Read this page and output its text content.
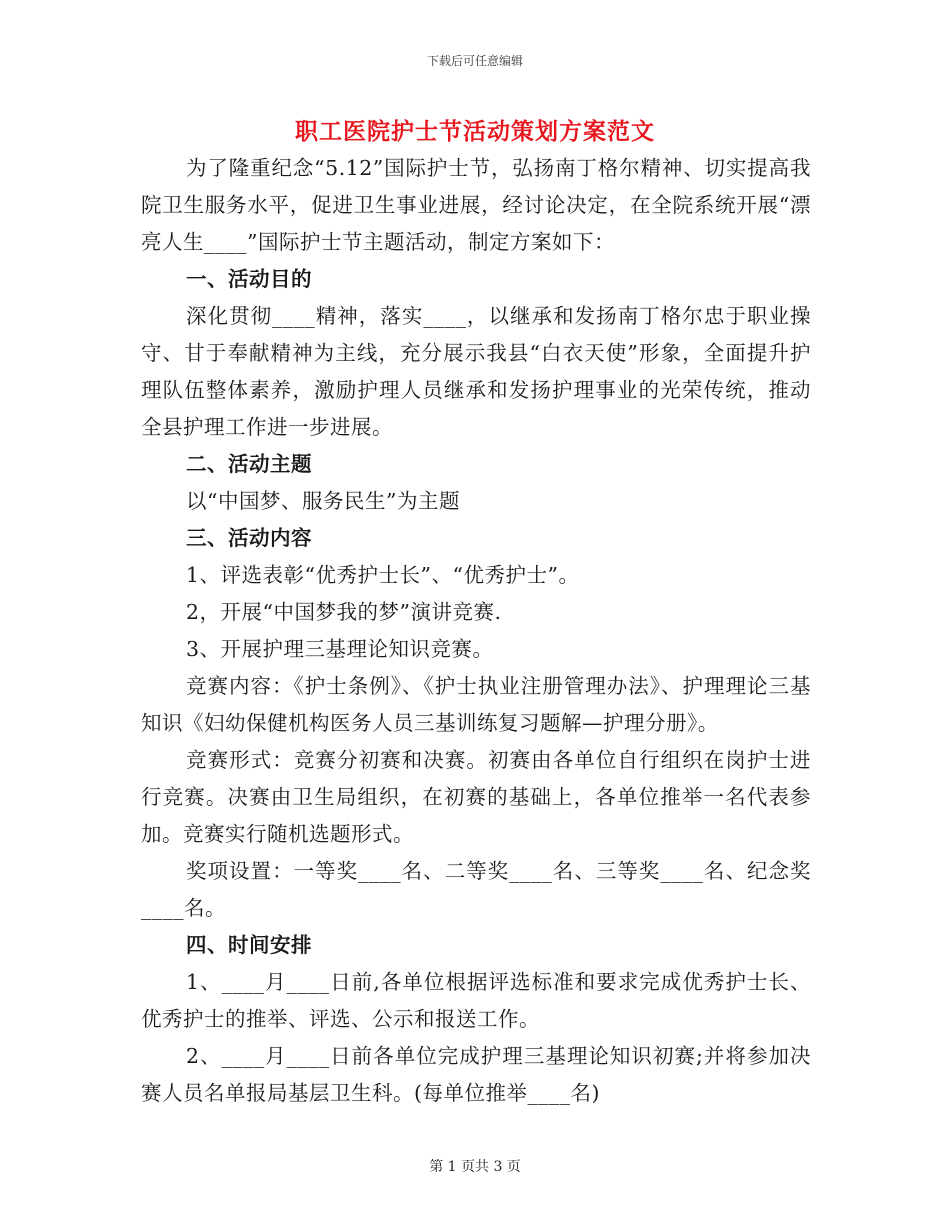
下载后可任意编辑
职工医院护士节活动策划方案范文

为了隆重纪念“5.12”国际护士节，弘扬南丁格尔精神、切实提高我院卫生服务水平，促进卫生事业进展，经讨论决定，在全院系统开展“漂亮人生____”国际护士节主题活动，制定方案如下：

一、活动目的

深化贯彻____精神，落实____，以继承和发扬南丁格尔忠于职业操守、甘于奉献精神为主线，充分展示我县“白衣天使”形象，全面提升护理队伍整体素养，激励护理人员继承和发扬护理事业的光荣传统，推动全县护理工作进一步进展。

二、活动主题

以“中国梦、服务民生”为主题

三、活动内容

1、评选表彰“优秀护士长”、“优秀护士”。

2，开展“中国梦我的梦”演讲竞赛.

3、开展护理三基理论知识竞赛。

竞赛内容：《护士条例》、《护士执业注册管理办法》、护理理论三基知识《妇幼保健机构医务人员三基训练复习题解—护理分册》。

竞赛形式：竞赛分初赛和决赛。初赛由各单位自行组织在岗护士进行竞赛。决赛由卫生局组织，在初赛的基础上，各单位推举一名代表参加。竞赛实行随机选题形式。

奖项设置：一等奖____名、二等奖____名、三等奖____名、纪念奖____名。

四、时间安排

1、____月____日前,各单位根据评选标准和要求完成优秀护士长、优秀护士的推举、评选、公示和报送工作。

2、____月____日前各单位完成护理三基理论知识初赛;并将参加决赛人员名单报局基层卫生科。(每单位推举____名)

第 1 页共 3 页
